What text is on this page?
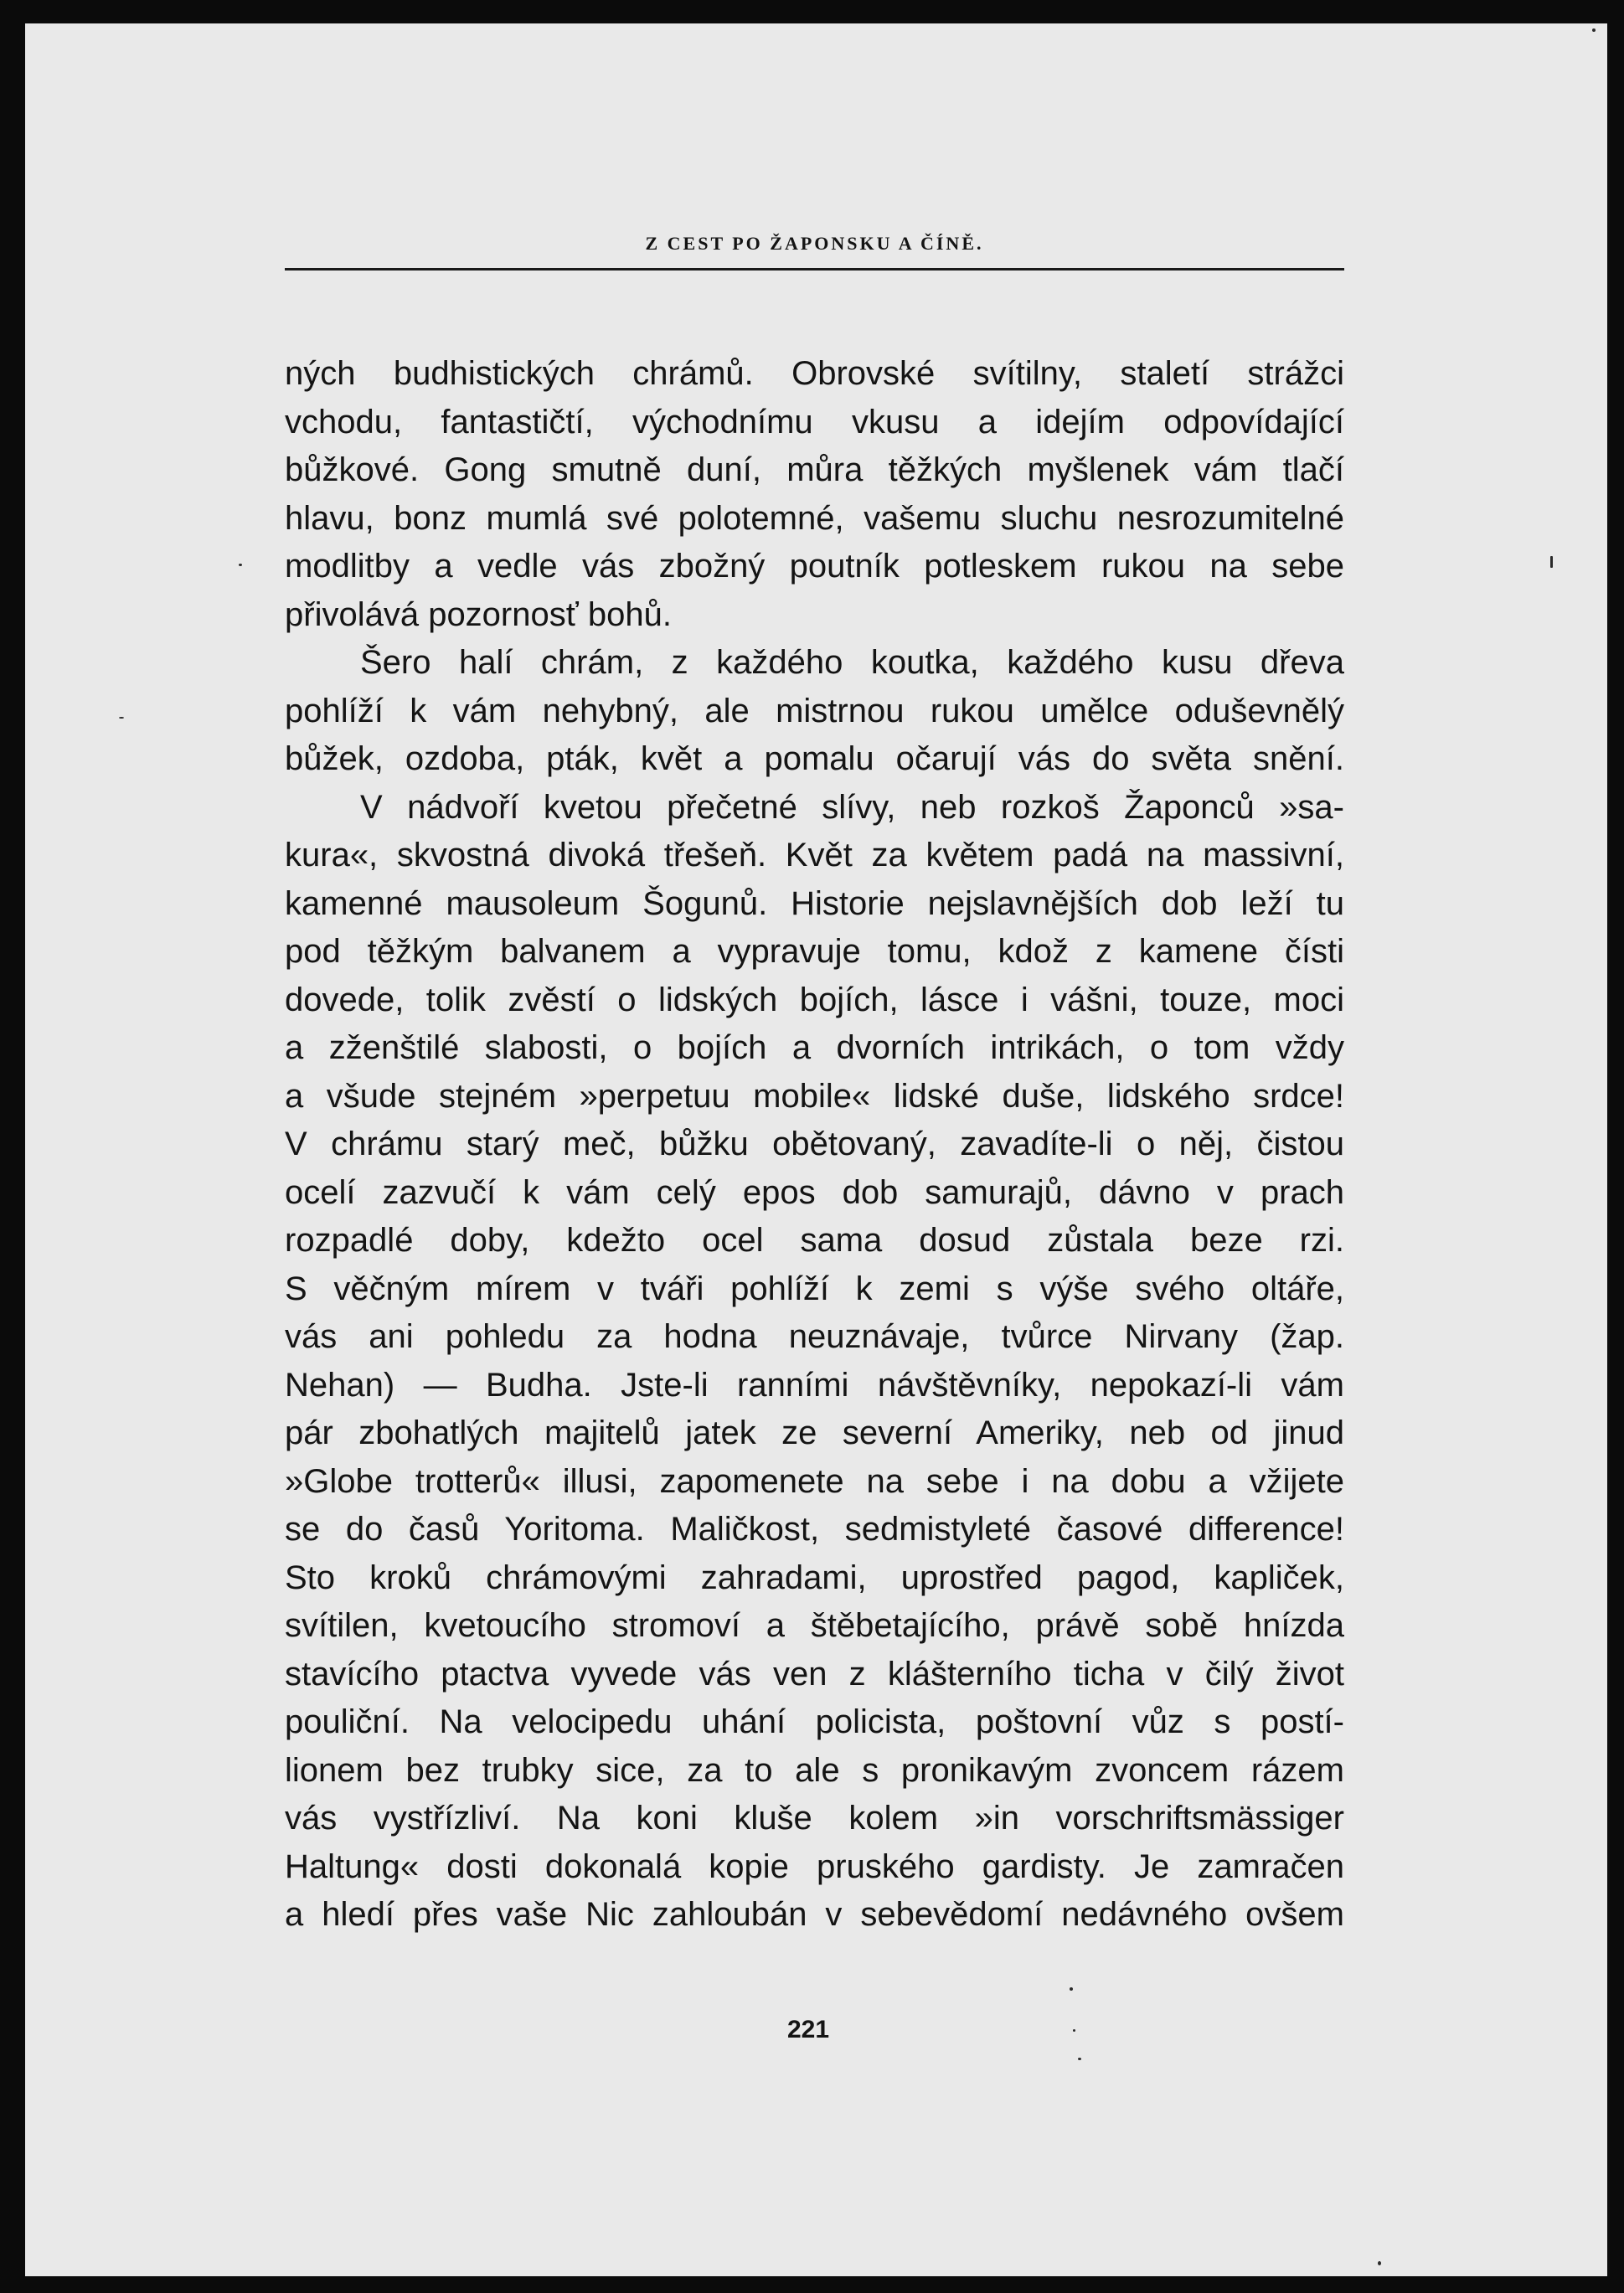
Z CEST PO ŽAPONSKU A ČÍNĚ.
ných budhistických chrámů. Obrovské svítilny, staletí strážci
vchodu, fantastičtí, východnímu vkusu a idejím odpovídající
bůžkové. Gong smutně duní, můra těžkých myšlenek vám tlačí
hlavu, bonz mumlá své polotemné, vašemu sluchu nesrozumitelné
modlitby a vedle vás zbožný poutník potleskem rukou na sebe
přivolává pozornosť bohů.
Šero halí chrám, z každého koutka, každého kusu dřeva
pohlíží k vám nehybný, ale mistrnou rukou umělce oduševnělý
bůžek, ozdoba, pták, květ a pomalu očarují vás do světa snění.
V nádvoří kvetou přečetné slívy, neb rozkoš Žaponců »sa-
kura«, skvostná divoká třešeň. Květ za květem padá na massivní,
kamenné mausoleum Šogunů. Historie nejslavnějších dob leží tu
pod těžkým balvanem a vypravuje tomu, kdož z kamene čísti
dovede, tolik zvěstí o lidských bojích, lásce i vášni, touze, moci
a zženštilé slabosti, o bojích a dvorních intrikách, o tom vždy
a všude stejném »perpetuu mobile« lidské duše, lidského srdce!
V chrámu starý meč, bůžku obětovaný, zavadíte-li o něj, čistou
ocelí zazvučí k vám celý epos dob samurajů, dávno v prach
rozpadlé doby, kdežto ocel sama dosud zůstala beze rzi.
S věčným mírem v tváři pohlíží k zemi s výše svého oltáře,
vás ani pohledu za hodna neuznávaje, tvůrce Nirvany (žap.
Nehan) — Budha. Jste-li ranními návštěvníky, nepokazí-li vám
pár zbohatlých majitelů jatek ze severní Ameriky, neb od jinud
»Globe trotterů« illusi, zapomenete na sebe i na dobu a vžijete
se do časů Yoritoma. Maličkost, sedmistyleté časové difference!
Sto kroků chrámovými zahradami, uprostřed pagod, kapliček,
svítilen, kvetoucího stromoví a štěbetajícího, právě sobě hnízda
stavícího ptactva vyvede vás ven z klášterního ticha v čilý život
pouliční. Na velocipedu uhání policista, poštovní vůz s postí-
lionem bez trubky sice, za to ale s pronikavým zvoncem rázem
vás vystřízliví. Na koni kluše kolem »in vorschriftsmässiger
Haltung« dosti dokonalá kopie pruského gardisty. Je zamračen
a hledí přes vaše Nic zahloubán v sebevědomí nedávného ovšem
221
